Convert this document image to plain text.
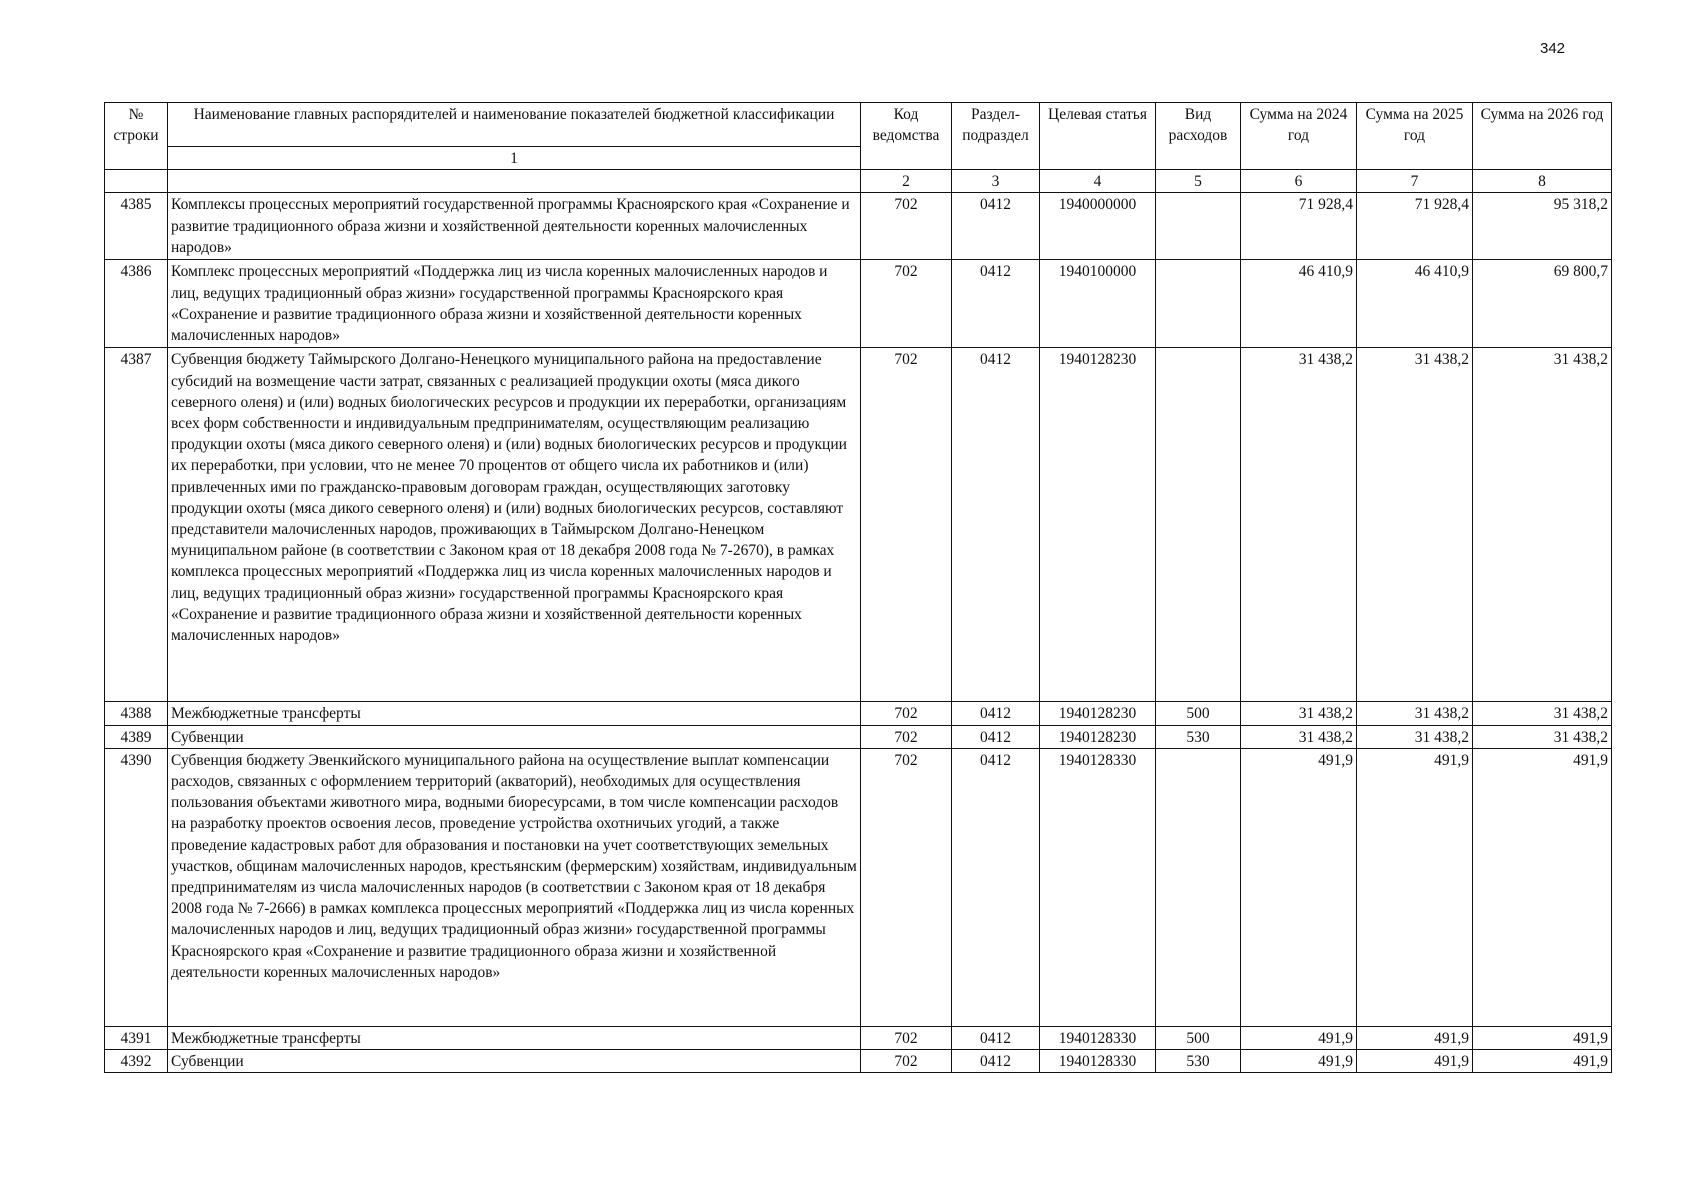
342
№ строки	Наименование главных распорядителей и наименование показателей бюджетной классификации	Код ведомства	Раздел-подраздел	Целевая статья	Вид расходов	Сумма на 2024 год	Сумма на 2025 год	Сумма на 2026 год
	1							
		2	3	4	5	6	7	8
4385	Комплексы процессных мероприятий государственной программы Красноярского края «Сохранение и развитие традиционного образа жизни и хозяйственной деятельности коренных малочисленных народов»	702	0412	1940000000		71 928,4	71 928,4	95 318,2
4386	Комплекс процессных мероприятий «Поддержка лиц из числа коренных малочисленных народов и лиц, ведущих традиционный образ жизни» государственной программы Красноярского края «Сохранение и развитие традиционного образа жизни и хозяйственной деятельности коренных малочисленных народов»	702	0412	1940100000		46 410,9	46 410,9	69 800,7
4387	Субвенция бюджету Таймырского Долгано-Ненецкого муниципального района на предоставление субсидий на возмещение части затрат, связанных с реализацией продукции охоты (мяса дикого северного оленя) и (или) водных биологических ресурсов и продукции их переработки, организациям всех форм собственности и индивидуальным предпринимателям, осуществляющим реализацию продукции охоты (мяса дикого северного оленя) и (или) водных биологических ресурсов и продукции их переработки, при условии, что не менее 70 процентов от общего числа их работников и (или) привлеченных ими по гражданско-правовым договорам граждан, осуществляющих заготовку продукции охоты (мяса дикого северного оленя) и (или) водных биологических ресурсов, составляют представители малочисленных народов, проживающих в Таймырском Долгано-Ненецком муниципальном районе (в соответствии с Законом края от 18 декабря 2008 года № 7-2670), в рамках комплекса процессных мероприятий «Поддержка лиц из числа коренных малочисленных народов и лиц, ведущих традиционный образ жизни» государственной программы Красноярского края «Сохранение и развитие традиционного образа жизни и хозяйственной деятельности коренных малочисленных народов»	702	0412	1940128230		31 438,2	31 438,2	31 438,2
4388	Межбюджетные трансферты	702	0412	1940128230	500	31 438,2	31 438,2	31 438,2
4389	Субвенции	702	0412	1940128230	530	31 438,2	31 438,2	31 438,2
4390	Субвенция бюджету Эвенкийского муниципального района на осуществление выплат компенсации расходов, связанных с оформлением территорий (акваторий), необходимых для осуществления пользования объектами животного мира, водными биоресурсами, в том числе компенсации расходов на разработку проектов освоения лесов, проведение устройства охотничьих угодий, а также проведение кадастровых работ для образования и постановки на учет соответствующих земельных участков, общинам малочисленных народов, крестьянским (фермерским) хозяйствам, индивидуальным предпринимателям из числа малочисленных народов (в соответствии с Законом края от 18 декабря 2008 года № 7-2666) в рамках комплекса процессных мероприятий «Поддержка лиц из числа коренных малочисленных народов и лиц, ведущих традиционный образ жизни» государственной программы Красноярского края «Сохранение и развитие традиционного образа жизни и хозяйственной деятельности коренных малочисленных народов»	702	0412	1940128330		491,9	491,9	491,9
4391	Межбюджетные трансферты	702	0412	1940128330	500	491,9	491,9	491,9
4392	Субвенции	702	0412	1940128330	530	491,9	491,9	491,9
